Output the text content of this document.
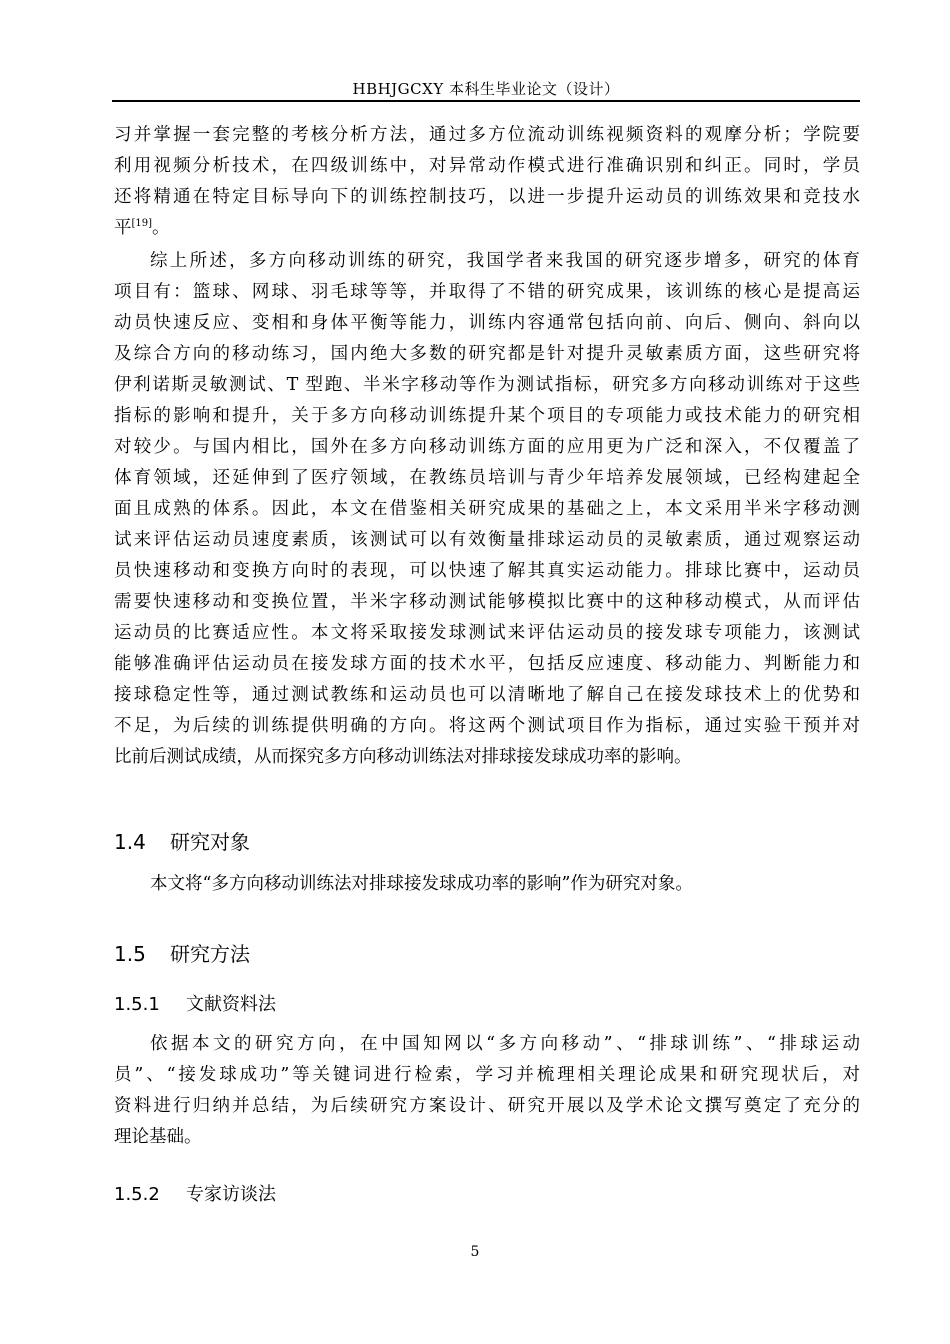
HBHJGCXY 本科生毕业论文（设计）
习并掌握一套完整的考核分析方法，通过多方位流动训练视频资料的观摩分析；学院要
利用视频分析技术，在四级训练中，对异常动作模式进行准确识别和纠正。同时，学员
还将精通在特定目标导向下的训练控制技巧，以进一步提升运动员的训练效果和竞技水
平[19]。
综上所述，多方向移动训练的研究，我国学者来我国的研究逐步增多，研究的体育
项目有：篮球、网球、羽毛球等等，并取得了不错的研究成果，该训练的核心是提高运
动员快速反应、变相和身体平衡等能力，训练内容通常包括向前、向后、侧向、斜向以
及综合方向的移动练习，国内绝大多数的研究都是针对提升灵敏素质方面，这些研究将
伊利诺斯灵敏测试、T 型跑、半米字移动等作为测试指标，研究多方向移动训练对于这些
指标的影响和提升，关于多方向移动训练提升某个项目的专项能力或技术能力的研究相
对较少。与国内相比，国外在多方向移动训练方面的应用更为广泛和深入，不仅覆盖了
体育领域，还延伸到了医疗领域，在教练员培训与青少年培养发展领域，已经构建起全
面且成熟的体系。因此，本文在借鉴相关研究成果的基础之上，本文采用半米字移动测
试来评估运动员速度素质，该测试可以有效衡量排球运动员的灵敏素质，通过观察运动
员快速移动和变换方向时的表现，可以快速了解其真实运动能力。排球比赛中，运动员
需要快速移动和变换位置，半米字移动测试能够模拟比赛中的这种移动模式，从而评估
运动员的比赛适应性。本文将采取接发球测试来评估运动员的接发球专项能力，该测试
能够准确评估运动员在接发球方面的技术水平，包括反应速度、移动能力、判断能力和
接球稳定性等，通过测试教练和运动员也可以清晰地了解自己在接发球技术上的优势和
不足，为后续的训练提供明确的方向。将这两个测试项目作为指标，通过实验干预并对
比前后测试成绩，从而探究多方向移动训练法对排球接发球成功率的影响。
1.4 研究对象
本文将“多方向移动训练法对排球接发球成功率的影响”作为研究对象。
1.5 研究方法
1.5.1 文献资料法
依据本文的研究方向，在中国知网以“多方向移动”、“排球训练”、“排球运动
员”、“接发球成功”等关键词进行检索，学习并梳理相关理论成果和研究现状后，对
资料进行归纳并总结，为后续研究方案设计、研究开展以及学术论文撰写奠定了充分的
理论基础。
1.5.2 专家访谈法
5
